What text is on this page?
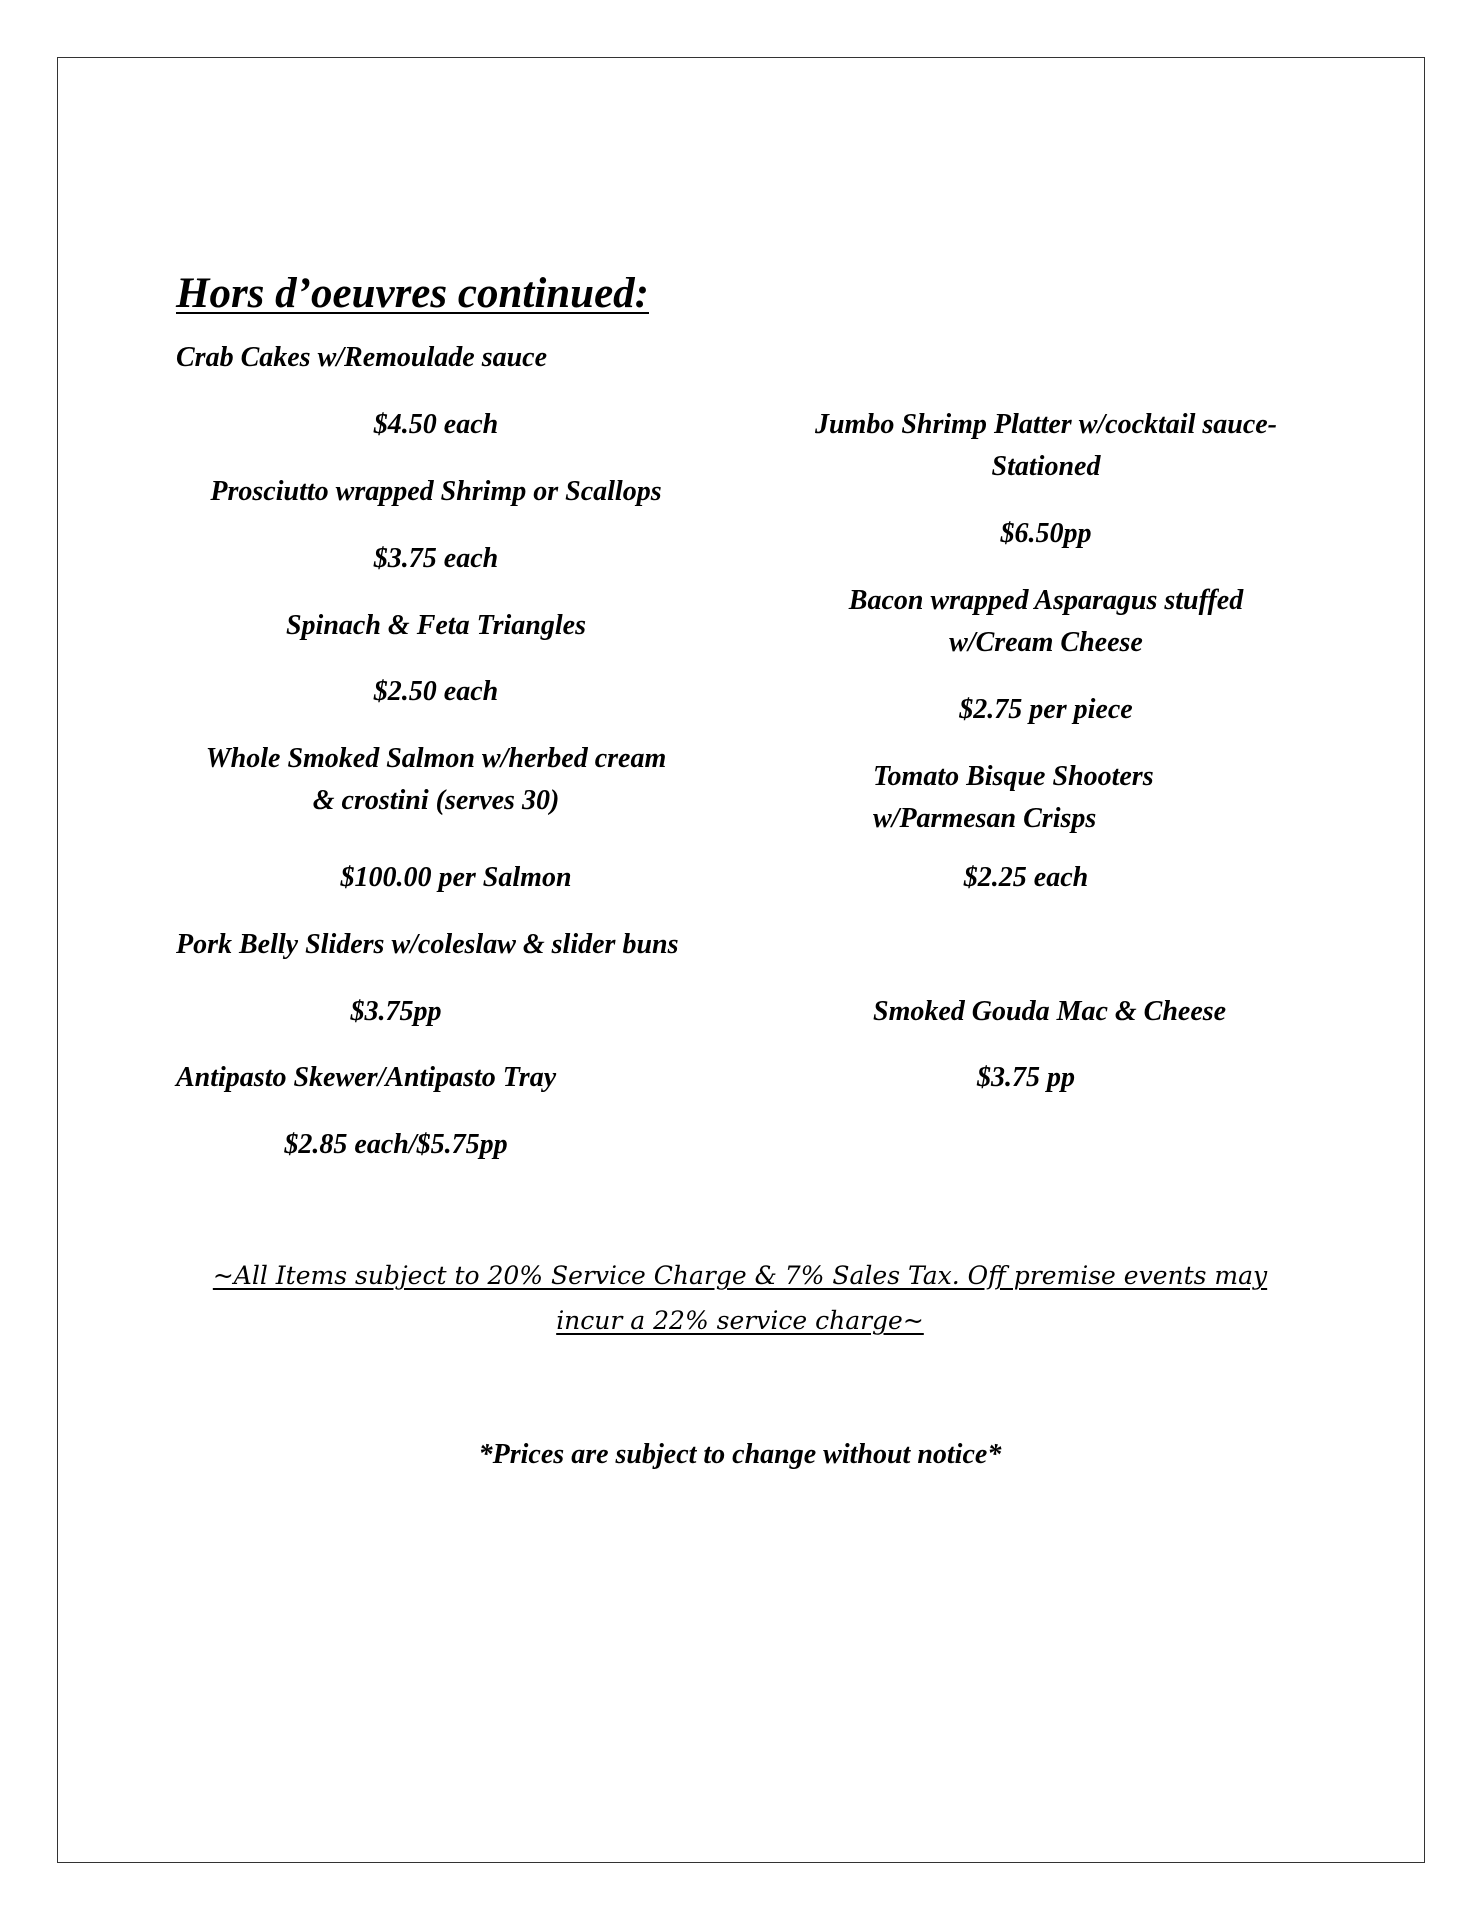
Hors d’oeuvres continued:
Crab Cakes w/Remoulade sauce
$4.50 each
Prosciutto wrapped Shrimp or Scallops
$3.75 each
Spinach & Feta Triangles
$2.50 each
Whole Smoked Salmon w/herbed cream
& crostini (serves 30)
$100.00 per Salmon
Pork Belly Sliders w/coleslaw & slider buns
$3.75pp
Antipasto Skewer/Antipasto Tray
$2.85 each/$5.75pp
Jumbo Shrimp Platter w/cocktail sauce-
Stationed
$6.50pp
Bacon wrapped Asparagus stuffed
w/Cream Cheese
$2.75 per piece
Tomato Bisque Shooters
w/Parmesan Crisps
$2.25 each
Smoked Gouda Mac & Cheese
$3.75 pp
~All Items subject to 20% Service Charge & 7% Sales Tax. Off premise events may
incur a 22% service charge~
*Prices are subject to change without notice*
